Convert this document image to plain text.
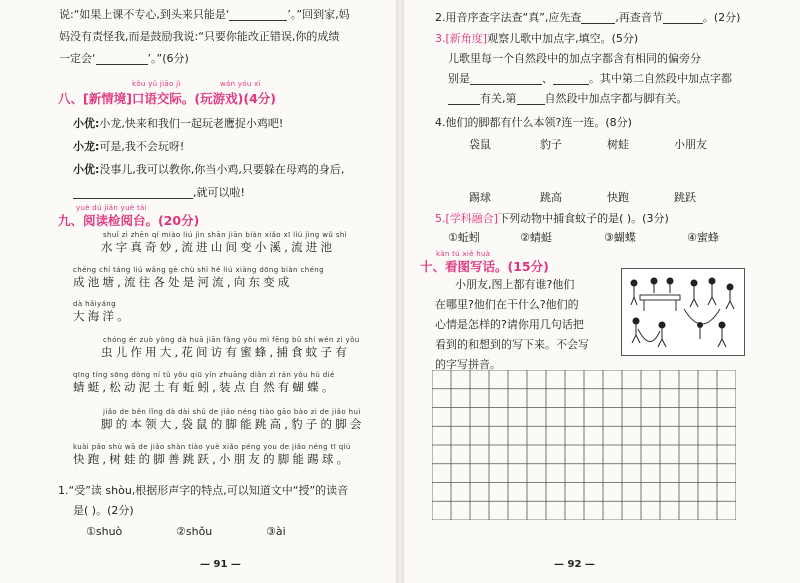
说:“如果上课不专心,到头来只能是‘	’。”回到家,妈
妈没有责怪我,而是鼓励我说:“只要你能改正错误,你的成绩
一定会‘	’。”(6分)
kǒu yǔ jiāo jì	wán yóu xì
八、[新情境]口语交际。(玩游戏)(4分)
小优:小龙,快来和我们一起玩老鹰捉小鸡吧!
小龙:可是,我不会玩呀!
小优:没事儿,我可以教你,你当小鸡,只要躲在母鸡的身后,
,就可以啦!
yuè dú jiǎn yuè tái
九、阅读检阅台。(20分)
shuǐ zì zhēn qí miào liú jìn shān jiān biàn xiǎo xī liú jìng wǔ shì
水字真奇妙,流进山间变小溪,流进池
chéng chí táng liú wǎng gè chù shì hé liú xiàng dōng biàn chéng
成池塘,流往各处是河流,向东变成
dà hǎiyáng
大海洋。
chóng ér zuò yòng dà huā jiān fǎng yǒu mì fēng bǔ shí wén zi yǒu
虫儿作用大,花间访有蜜蜂,捕食蚊子有
qīng tíng sōng dòng ní tǔ yǒu qiū yǐn zhuāng diǎn zì rán yǒu hú dié
蜻蜓,松动泥土有蚯蚓,装点自然有蝴蝶。
jiǎo de běn lǐng dà dài shǔ de jiǎo néng tiào gāo bào zi de jiǎo huì
脚的本领大,袋鼠的脚能跳高,豹子的脚会
kuài pǎo shù wā de jiǎo shàn tiào yuè xiǎo péng you de jiǎo néng tī qiú
快跑,树蛙的脚善跳跃,小朋友的脚能踢球。
1.“受”读 shòu,根据形声字的特点,可以知道文中“授”的读音
是( )。(2分)
①shuò	②shǒu	③ài
— 91 —
2.用音序查字法查“真”,应先查	,再查音节	。(2分)
3.[新角度]观察儿歌中加点字,填空。(5分)
儿歌里每一个自然段中的加点字都含有相同的偏旁分
别是	、	。其中第二自然段中加点字都
有关,第	自然段中加点字都与脚有关。
4.他们的脚都有什么本领?连一连。(8分)
袋鼠	豹子	树蛙	小朋友
踢球	跳高	快跑	跳跃
5.[学科融合]下列动物中捕食蚊子的是( )。(3分)
①蚯蚓	②蜻蜓	③蝴蝶	④蜜蜂
kàn tú xiě huà
十、看图写话。(15分)
小朋友,图上都有谁?他们
在哪里?他们在干什么?他们的
心情是怎样的?请你用几句话把
看到的和想到的写下来。不会写
的字写拼音。
— 92 —
